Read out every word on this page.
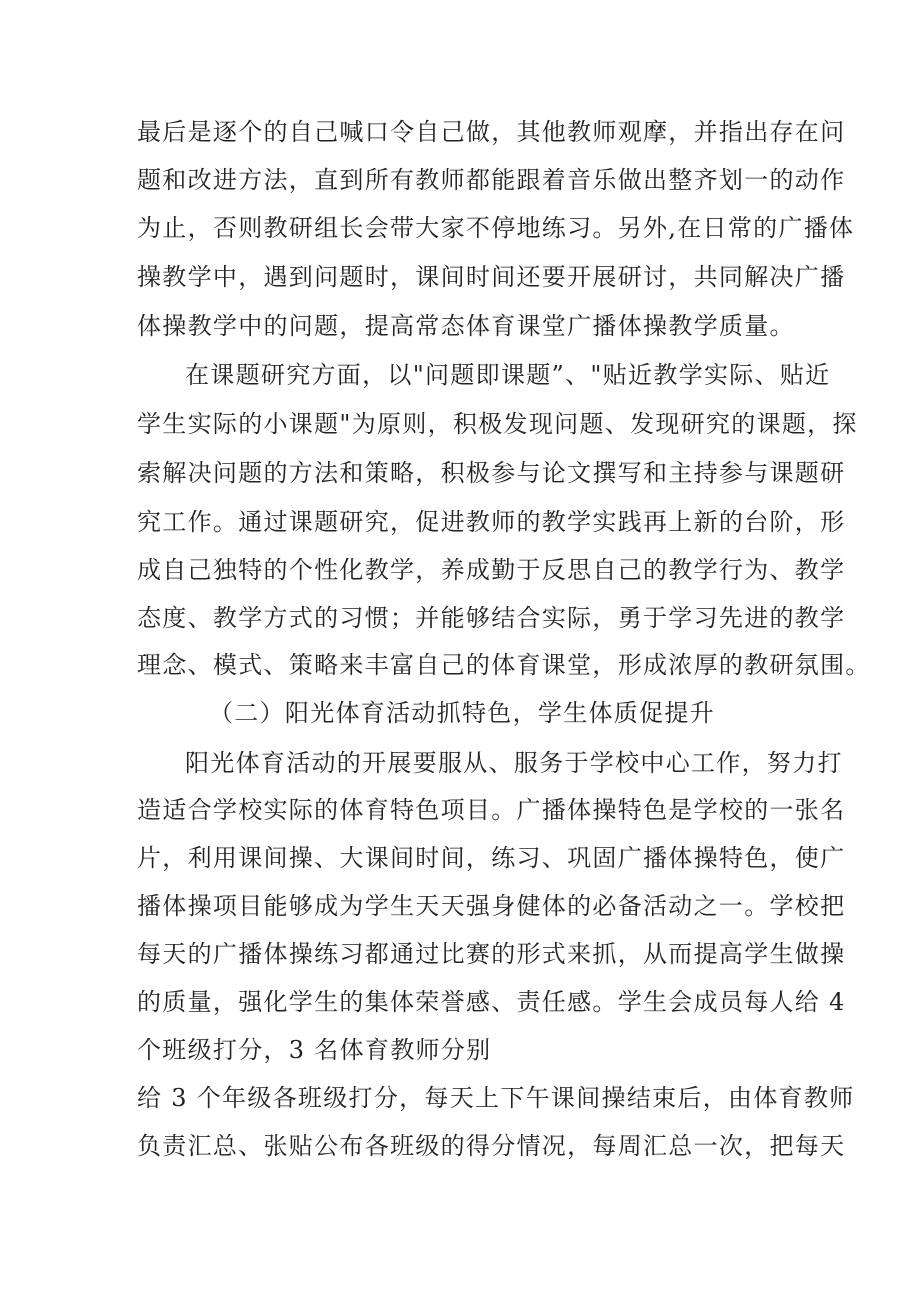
最后是逐个的自己喊口令自己做，其他教师观摩，并指出存在问
题和改进方法，直到所有教师都能跟着音乐做出整齐划一的动作
为止，否则教研组长会带大家不停地练习。另外,在日常的广播体
操教学中，遇到问题时，课间时间还要开展研讨，共同解决广播
体操教学中的问题，提高常态体育课堂广播体操教学质量。
在课题研究方面，以"问题即课题”、"贴近教学实际、贴近
学生实际的小课题"为原则，积极发现问题、发现研究的课题，探
索解决问题的方法和策略，积极参与论文撰写和主持参与课题研
究工作。通过课题研究，促进教师的教学实践再上新的台阶，形
成自己独特的个性化教学，养成勤于反思自己的教学行为、教学
态度、教学方式的习惯；并能够结合实际，勇于学习先进的教学
理念、模式、策略来丰富自己的体育课堂，形成浓厚的教研氛围。
（二）阳光体育活动抓特色，学生体质促提升
阳光体育活动的开展要服从、服务于学校中心工作，努力打
造适合学校实际的体育特色项目。广播体操特色是学校的一张名
片，利用课间操、大课间时间，练习、巩固广播体操特色，使广
播体操项目能够成为学生天天强身健体的必备活动之一。学校把
每天的广播体操练习都通过比赛的形式来抓，从而提高学生做操
的质量，强化学生的集体荣誉感、责任感。学生会成员每人给 4
个班级打分，3 名体育教师分别
给 3 个年级各班级打分，每天上下午课间操结束后，由体育教师
负责汇总、张贴公布各班级的得分情况，每周汇总一次，把每天
